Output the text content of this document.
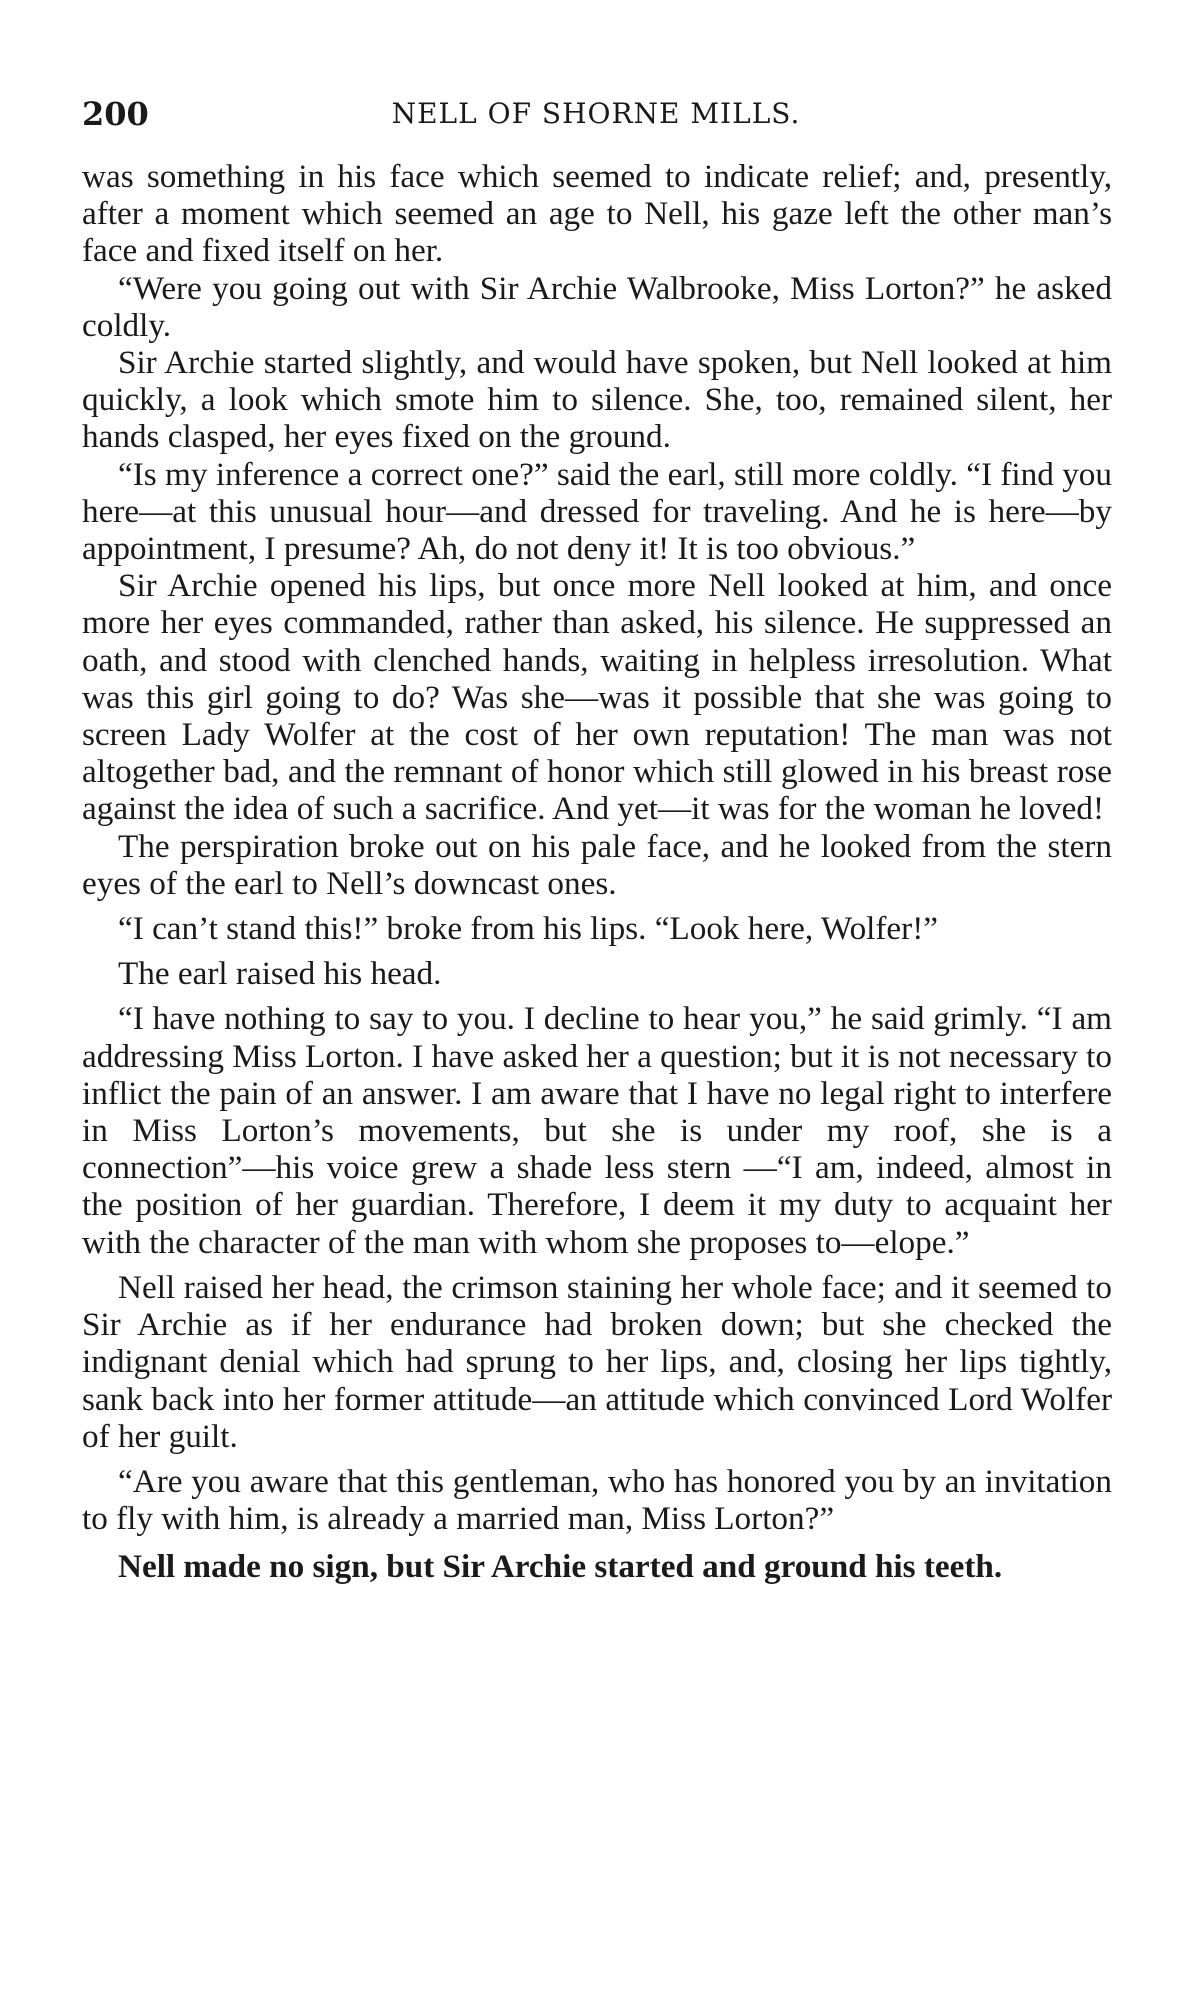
200	NELL OF SHORNE MILLS.

was something in his face which seemed to indicate relief; and, presently, after a moment which seemed an age to Nell, his gaze left the other man’s face and fixed itself on her.

“Were you going out with Sir Archie Walbrooke, Miss Lorton?” he asked coldly.

Sir Archie started slightly, and would have spoken, but Nell looked at him quickly, a look which smote him to silence. She, too, remained silent, her hands clasped, her eyes fixed on the ground.

“Is my inference a correct one?” said the earl, still more coldly. “I find you here—at this unusual hour—and dressed for traveling. And he is here—by appointment, I presume? Ah, do not deny it! It is too obvious.”

Sir Archie opened his lips, but once more Nell looked at him, and once more her eyes commanded, rather than asked, his silence. He suppressed an oath, and stood with clenched hands, waiting in helpless irresolution. What was this girl going to do? Was she—was it possible that she was going to screen Lady Wolfer at the cost of her own reputation! The man was not altogether bad, and the remnant of honor which still glowed in his breast rose against the idea of such a sacrifice. And yet—it was for the woman he loved!

The perspiration broke out on his pale face, and he looked from the stern eyes of the earl to Nell’s downcast ones.

“I can’t stand this!” broke from his lips. “Look here, Wolfer!”

The earl raised his head.

“I have nothing to say to you. I decline to hear you,” he said grimly. “I am addressing Miss Lorton. I have asked her a question; but it is not necessary to inflict the pain of an answer. I am aware that I have no legal right to interfere in Miss Lorton’s movements, but she is under my roof, she is a connection”—his voice grew a shade less stern —“I am, indeed, almost in the position of her guardian. Therefore, I deem it my duty to acquaint her with the character of the man with whom she proposes to—elope.”

Nell raised her head, the crimson staining her whole face; and it seemed to Sir Archie as if her endurance had broken down; but she checked the indignant denial which had sprung to her lips, and, closing her lips tightly, sank back into her former attitude—an attitude which convinced Lord Wolfer of her guilt.

“Are you aware that this gentleman, who has honored you by an invitation to fly with him, is already a married man, Miss Lorton?”

Nell made no sign, but Sir Archie started and ground his teeth.
